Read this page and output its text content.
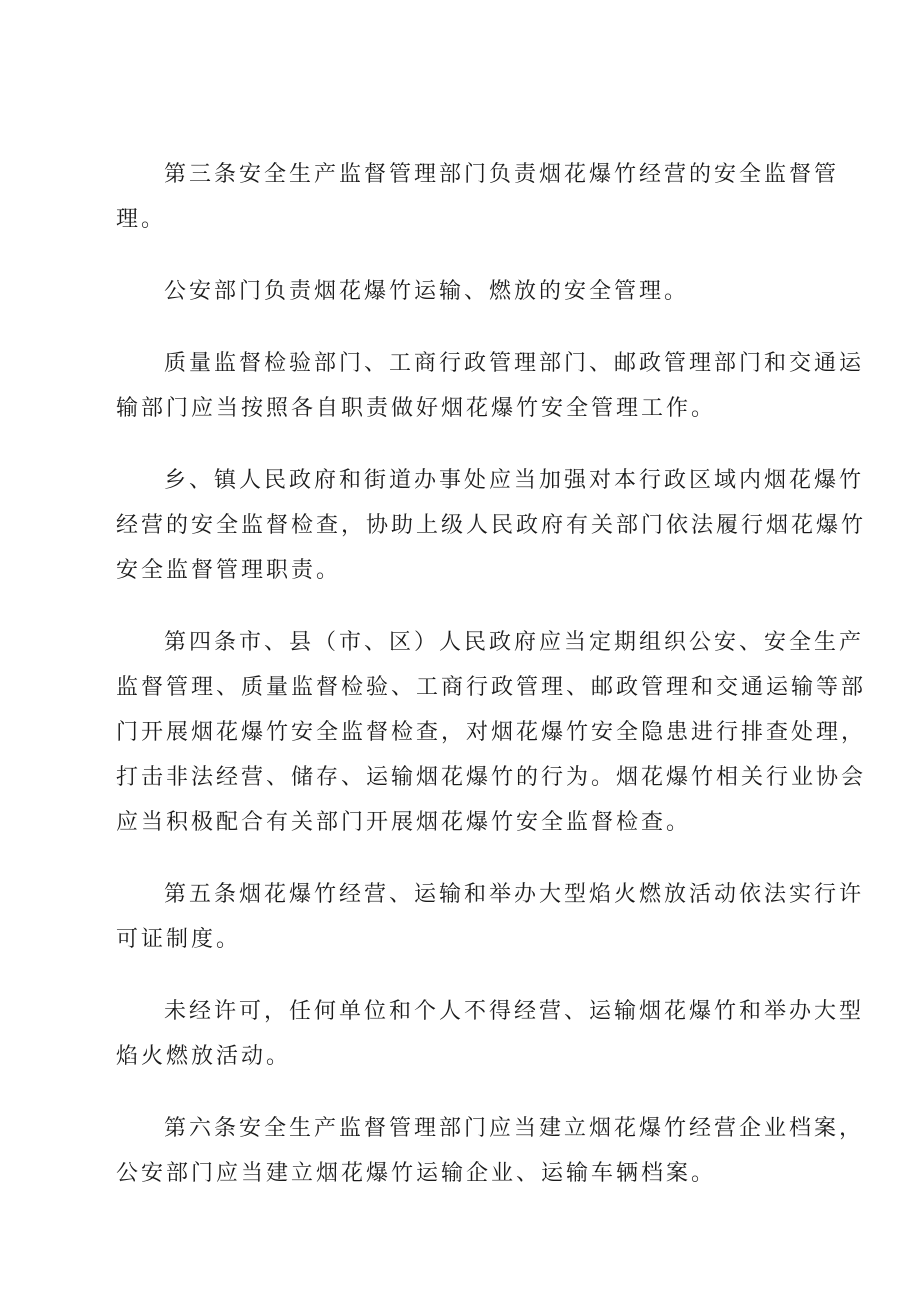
第三条安全生产监督管理部门负责烟花爆竹经营的安全监督管
理。

公安部门负责烟花爆竹运输、燃放的安全管理。

质量监督检验部门、工商行政管理部门、邮政管理部门和交通运
输部门应当按照各自职责做好烟花爆竹安全管理工作。

乡、镇人民政府和街道办事处应当加强对本行政区域内烟花爆竹
经营的安全监督检查，协助上级人民政府有关部门依法履行烟花爆竹
安全监督管理职责。

第四条市、县（市、区）人民政府应当定期组织公安、安全生产
监督管理、质量监督检验、工商行政管理、邮政管理和交通运输等部
门开展烟花爆竹安全监督检查，对烟花爆竹安全隐患进行排查处理，
打击非法经营、储存、运输烟花爆竹的行为。烟花爆竹相关行业协会
应当积极配合有关部门开展烟花爆竹安全监督检查。

第五条烟花爆竹经营、运输和举办大型焰火燃放活动依法实行许
可证制度。

未经许可，任何单位和个人不得经营、运输烟花爆竹和举办大型
焰火燃放活动。

第六条安全生产监督管理部门应当建立烟花爆竹经营企业档案，
公安部门应当建立烟花爆竹运输企业、运输车辆档案。
